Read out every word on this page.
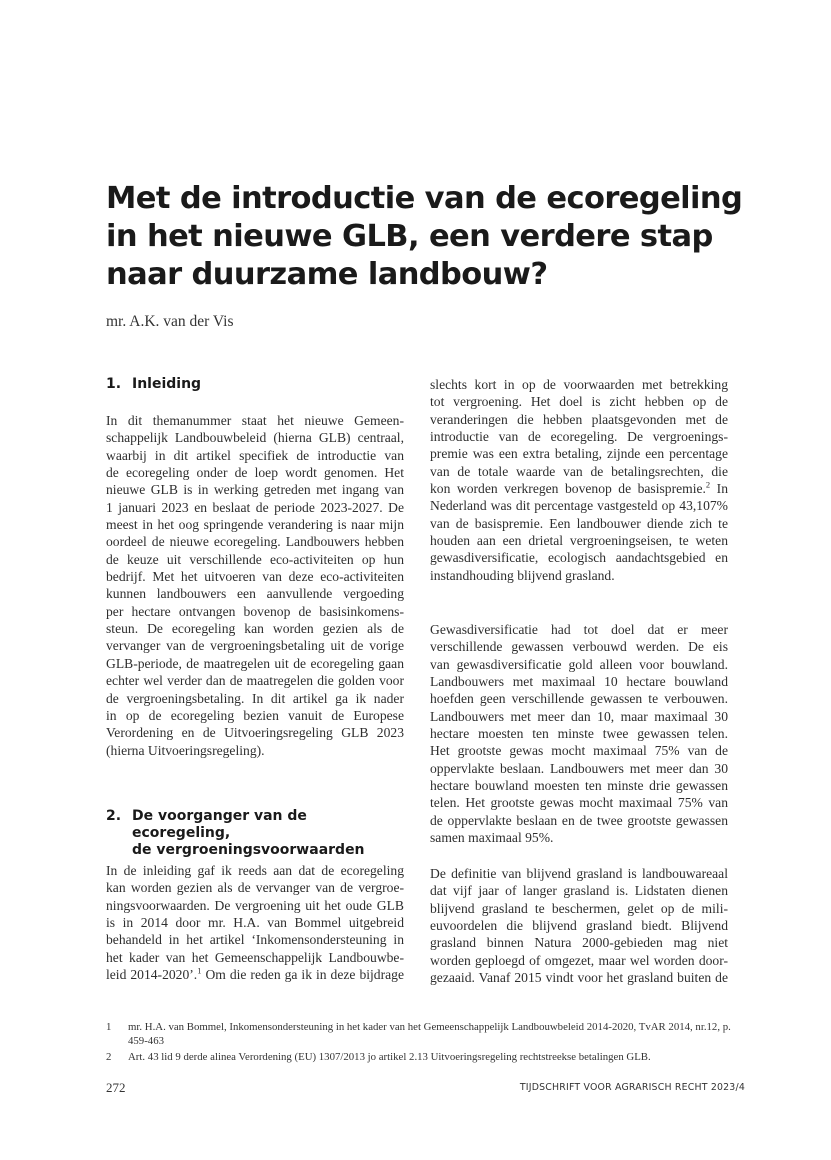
Met de introductie van de ecoregeling
in het nieuwe GLB, een verdere stap
naar duurzame landbouw?
mr. A.K. van der Vis
1. Inleiding

In dit themanummer staat het nieuwe Gemeen-
schappelijk Landbouwbeleid (hierna GLB) centraal,
waarbij in dit artikel specifiek de introductie van
de ecoregeling onder de loep wordt genomen. Het
nieuwe GLB is in werking getreden met ingang van
1 januari 2023 en beslaat de periode 2023-2027. De
meest in het oog springende verandering is naar mijn
oordeel de nieuwe ecoregeling. Landbouwers hebben
de keuze uit verschillende eco-activiteiten op hun
bedrijf. Met het uitvoeren van deze eco-activiteiten
kunnen landbouwers een aanvullende vergoeding
per hectare ontvangen bovenop de basisinkomens-
steun. De ecoregeling kan worden gezien als de
vervanger van de vergroeningsbetaling uit de vorige
GLB-periode, de maatregelen uit de ecoregeling gaan
echter wel verder dan de maatregelen die golden voor
de vergroeningsbetaling. In dit artikel ga ik nader
in op de ecoregeling bezien vanuit de Europese
Verordening en de Uitvoeringsregeling GLB 2023
(hierna Uitvoeringsregeling).

2. De voorganger van de ecoregeling,
de vergroeningsvoorwaarden

In de inleiding gaf ik reeds aan dat de ecoregeling
kan worden gezien als de vervanger van de vergroe-
ningsvoorwaarden. De vergroening uit het oude GLB
is in 2014 door mr. H.A. van Bommel uitgebreid
behandeld in het artikel ‘Inkomensondersteuning in
het kader van het Gemeenschappelijk Landbouwbe-
leid 2014-2020’.$^1$ Om die reden ga ik in deze bijdrage

slechts kort in op de voorwaarden met betrekking
tot vergroening. Het doel is zicht hebben op de
veranderingen die hebben plaatsgevonden met de
introductie van de ecoregeling. De vergroenings-
premie was een extra betaling, zijnde een percentage
van de totale waarde van de betalingsrechten, die
kon worden verkregen bovenop de basispremie.$^2$ In
Nederland was dit percentage vastgesteld op 43,107%
van de basispremie. Een landbouwer diende zich te
houden aan een drietal vergroeningseisen, te weten
gewasdiversificatie, ecologisch aandachtsgebied en
instandhouding blijvend grasland.

Gewasdiversificatie had tot doel dat er meer
verschillende gewassen verbouwd werden. De eis
van gewasdiversificatie gold alleen voor bouwland.
Landbouwers met maximaal 10 hectare bouwland
hoefden geen verschillende gewassen te verbouwen.
Landbouwers met meer dan 10, maar maximaal 30
hectare moesten ten minste twee gewassen telen.
Het grootste gewas mocht maximaal 75% van de
oppervlakte beslaan. Landbouwers met meer dan 30
hectare bouwland moesten ten minste drie gewassen
telen. Het grootste gewas mocht maximaal 75% van
de oppervlakte beslaan en de twee grootste gewassen
samen maximaal 95%.

De definitie van blijvend grasland is landbouwareaal
dat vijf jaar of langer grasland is. Lidstaten dienen
blijvend grasland te beschermen, gelet op de mili-
euvoordelen die blijvend grasland biedt. Blijvend
grasland binnen Natura 2000-gebieden mag niet
worden geploegd of omgezet, maar wel worden door-
gezaaid. Vanaf 2015 vindt voor het grasland buiten de

1 mr. H.A. van Bommel, Inkomensondersteuning in het kader van het Gemeenschappelijk Landbouwbeleid 2014-2020, TvAR 2014, nr.12, p. 459-463
2 Art. 43 lid 9 derde alinea Verordening (EU) 1307/2013 jo artikel 2.13 Uitvoeringsregeling rechtstreekse betalingen GLB.
272	TIJDSCHRIFT VOOR AGRARISCH RECHT 2023/4
